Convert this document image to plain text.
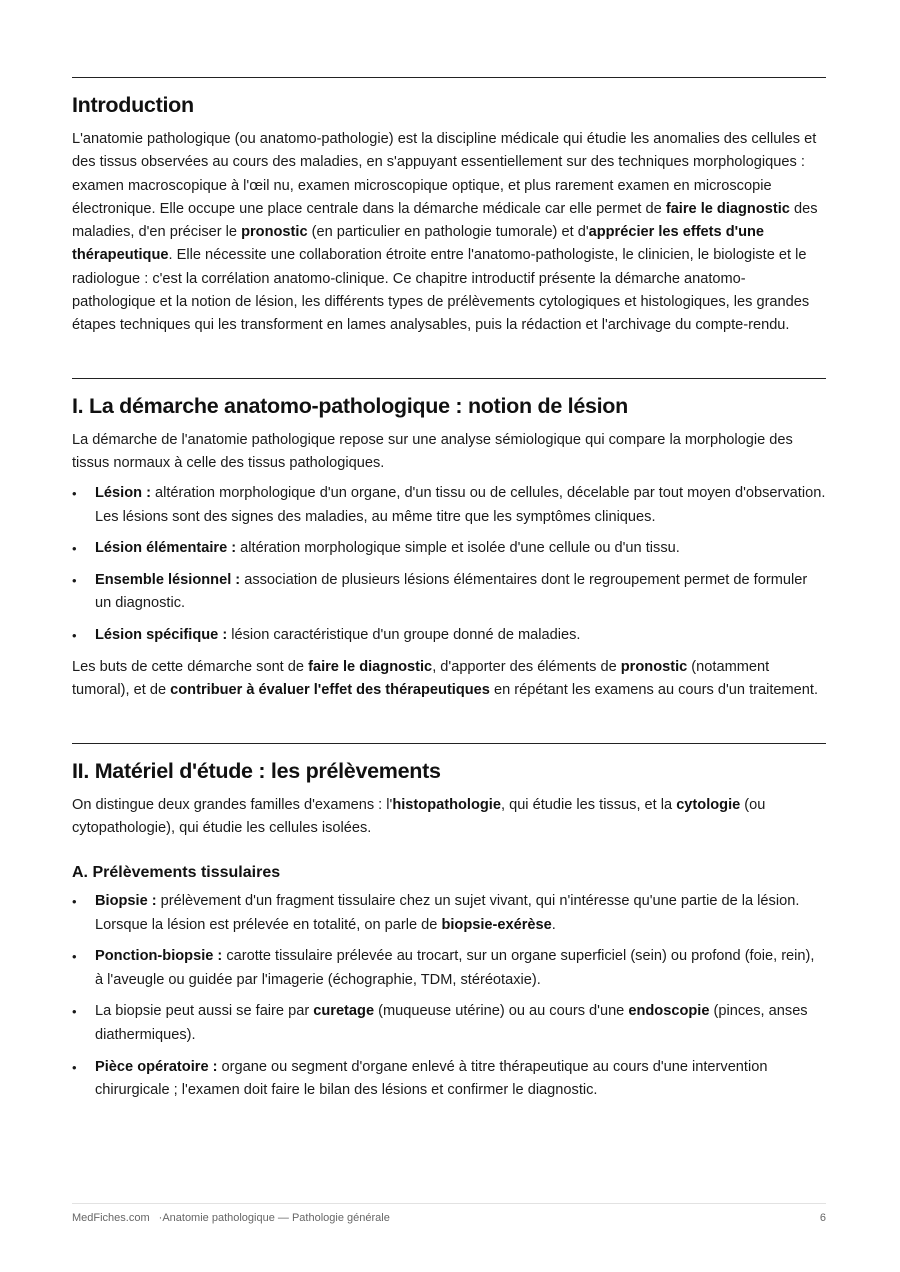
Introduction

L'anatomie pathologique (ou anatomo-pathologie) est la discipline médicale qui étudie les anomalies des cellules et des tissus observées au cours des maladies, en s'appuyant essentiellement sur des techniques morphologiques : examen macroscopique à l'œil nu, examen microscopique optique, et plus rarement examen en microscopie électronique. Elle occupe une place centrale dans la démarche médicale car elle permet de faire le diagnostic des maladies, d'en préciser le pronostic (en particulier en pathologie tumorale) et d'apprécier les effets d'une thérapeutique. Elle nécessite une collaboration étroite entre l'anatomo-pathologiste, le clinicien, le biologiste et le radiologue : c'est la corrélation anatomo-clinique. Ce chapitre introductif présente la démarche anatomo-pathologique et la notion de lésion, les différents types de prélèvements cytologiques et histologiques, les grandes étapes techniques qui les transforment en lames analysables, puis la rédaction et l'archivage du compte-rendu.

I. La démarche anatomo-pathologique : notion de lésion

La démarche de l'anatomie pathologique repose sur une analyse sémiologique qui compare la morphologie des tissus normaux à celle des tissus pathologiques.

• Lésion : altération morphologique d'un organe, d'un tissu ou de cellules, décelable par tout moyen d'observation. Les lésions sont des signes des maladies, au même titre que les symptômes cliniques.
• Lésion élémentaire : altération morphologique simple et isolée d'une cellule ou d'un tissu.
• Ensemble lésionnel : association de plusieurs lésions élémentaires dont le regroupement permet de formuler un diagnostic.
• Lésion spécifique : lésion caractéristique d'un groupe donné de maladies.

Les buts de cette démarche sont de faire le diagnostic, d'apporter des éléments de pronostic (notamment tumoral), et de contribuer à évaluer l'effet des thérapeutiques en répétant les examens au cours d'un traitement.

II. Matériel d'étude : les prélèvements

On distingue deux grandes familles d'examens : l'histopathologie, qui étudie les tissus, et la cytologie (ou cytopathologie), qui étudie les cellules isolées.

A. Prélèvements tissulaires
• Biopsie : prélèvement d'un fragment tissulaire chez un sujet vivant, qui n'intéresse qu'une partie de la lésion. Lorsque la lésion est prélevée en totalité, on parle de biopsie-exérèse.
• Ponction-biopsie : carotte tissulaire prélevée au trocart, sur un organe superficiel (sein) ou profond (foie, rein), à l'aveugle ou guidée par l'imagerie (échographie, TDM, stéréotaxie).
• La biopsie peut aussi se faire par curetage (muqueuse utérine) ou au cours d'une endoscopie (pinces, anses diathermiques).
• Pièce opératoire : organe ou segment d'organe enlevé à titre thérapeutique au cours d'une intervention chirurgicale ; l'examen doit faire le bilan des lésions et confirmer le diagnostic.
MedFiches.com ·Anatomie pathologique — Pathologie générale	6
